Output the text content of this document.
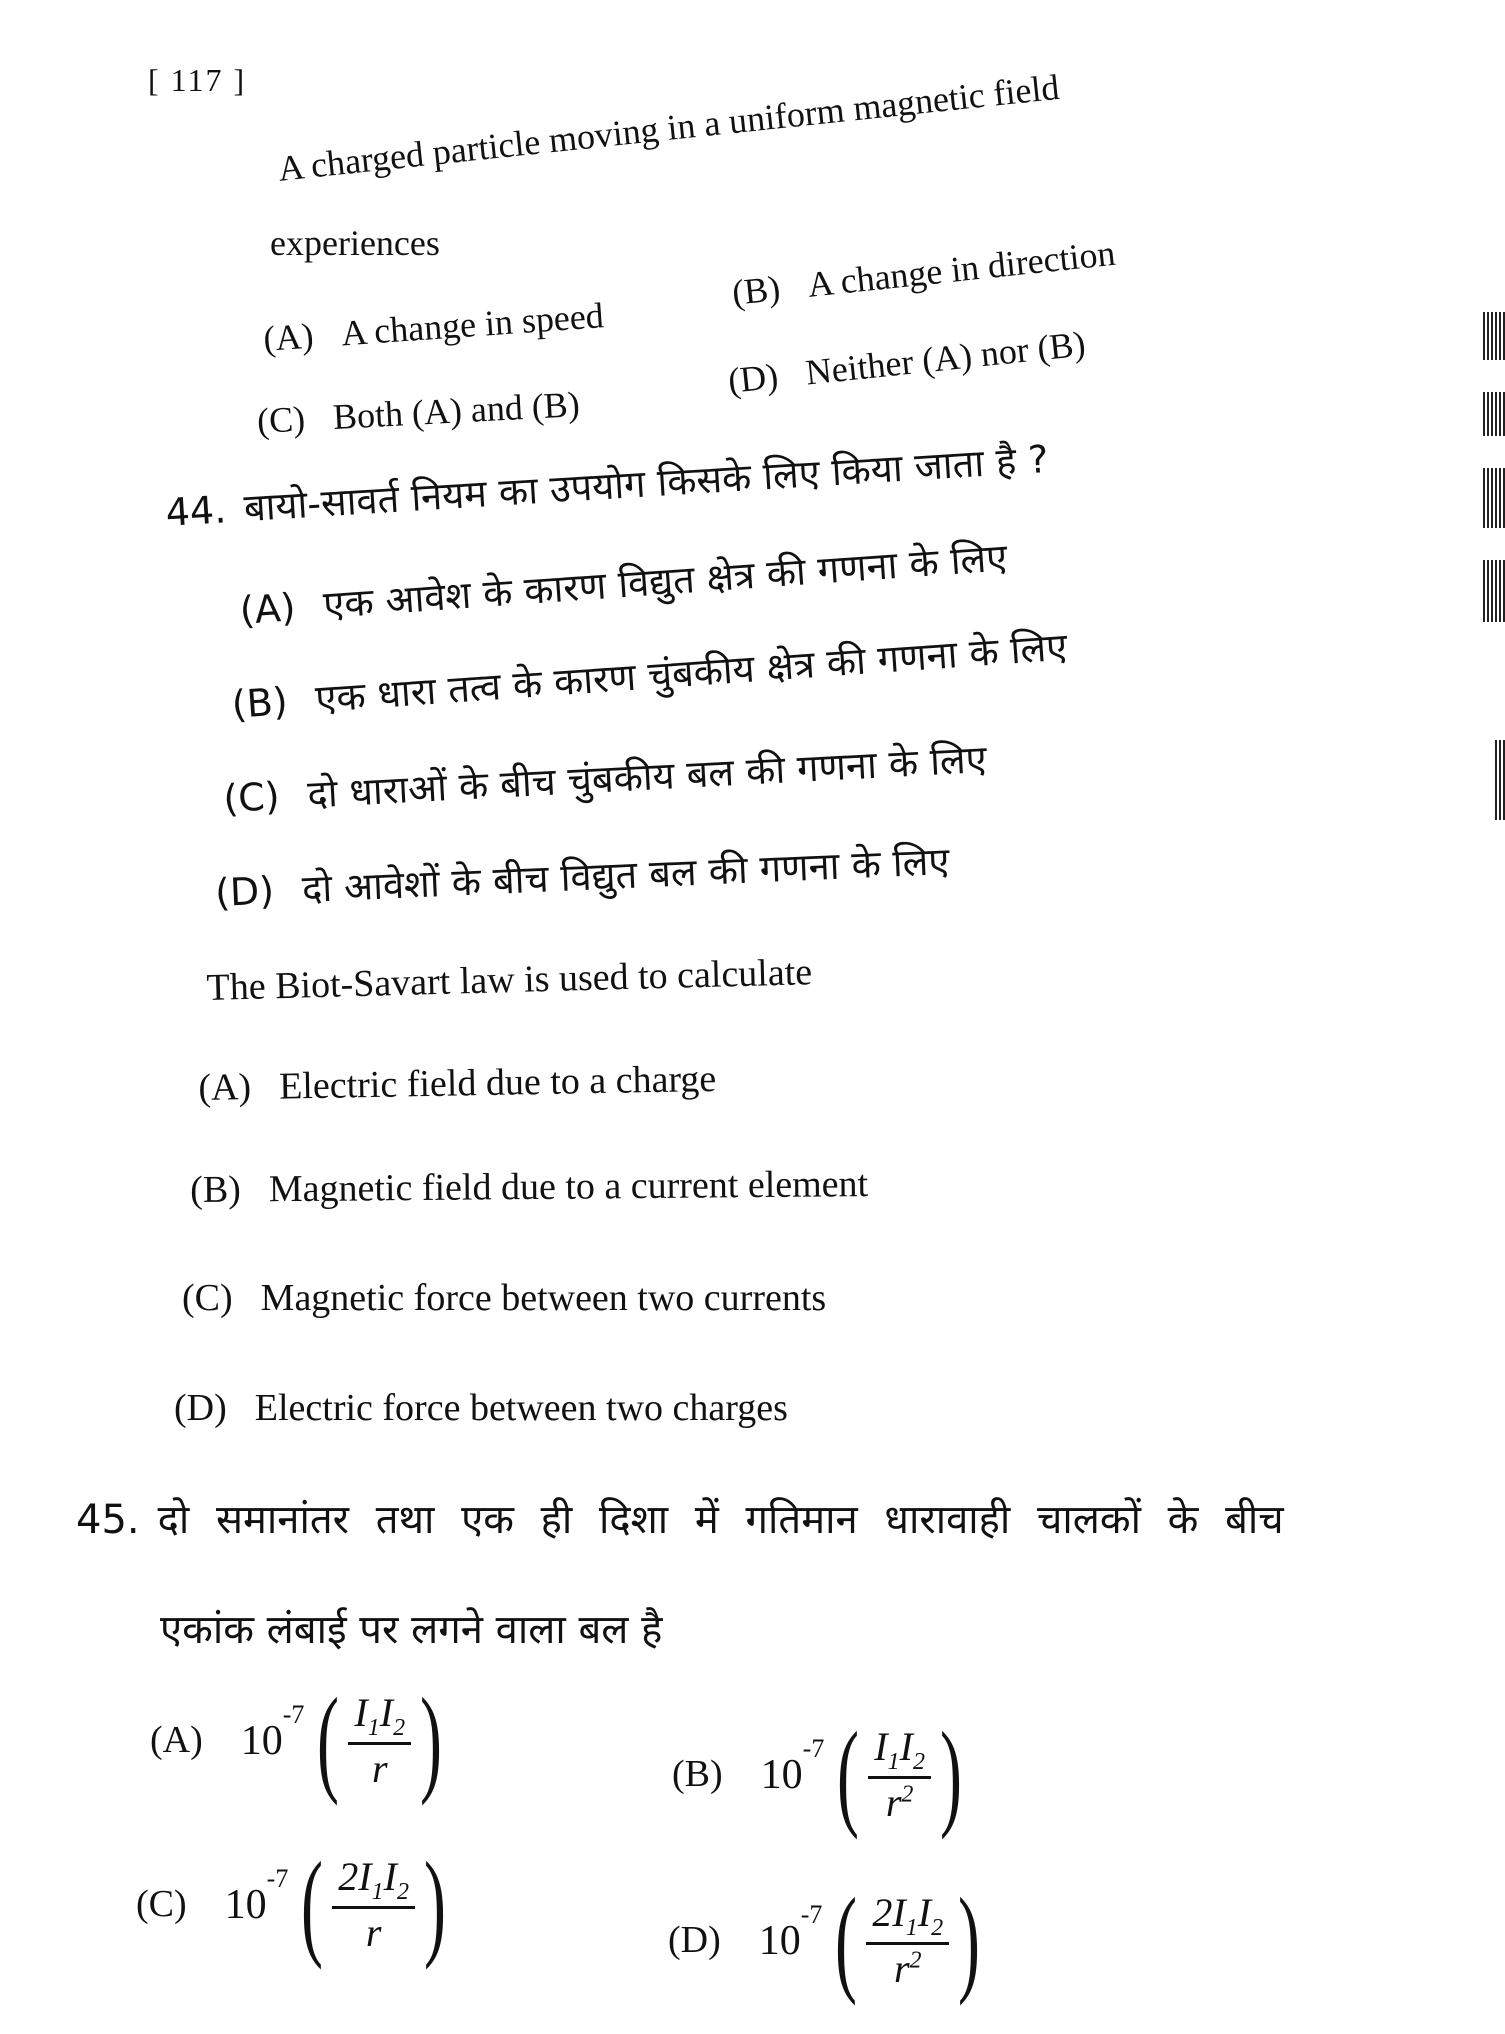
[ 117 ] A charged particle moving in a uniform magnetic field
experiences
(A) A change in speed
(B) A change in direction
(C) Both (A) and (B)
(D) Neither (A) nor (B)
44. बायो-सावर्त नियम का उपयोग किसके लिए किया जाता है ?
(A) एक आवेश के कारण विद्युत क्षेत्र की गणना के लिए
(B) एक धारा तत्व के कारण चुंबकीय क्षेत्र की गणना के लिए
(C) दो धाराओं के बीच चुंबकीय बल की गणना के लिए
(D) दो आवेशों के बीच विद्युत बल की गणना के लिए
The Biot-Savart law is used to calculate
(A) Electric field due to a charge
(B) Magnetic field due to a current element
(C) Magnetic force between two currents
(D) Electric force between two charges
45. दो समानांतर तथा एक ही दिशा में गतिमान धारावाही चालकों के बीच
एकांक लंबाई पर लगने वाला बल है
(A) $10^{-7}$ ( $\frac{I_1I_2}{r}$ )	(B) $10^{-7}$ ( $\frac{I_1I_2}{r^2}$ )
(C) $10^{-7}$ ( $\frac{2I_1I_2}{r}$ )	(D) $10^{-7}$ ( $\frac{2I_1I_2}{r^2}$ )
